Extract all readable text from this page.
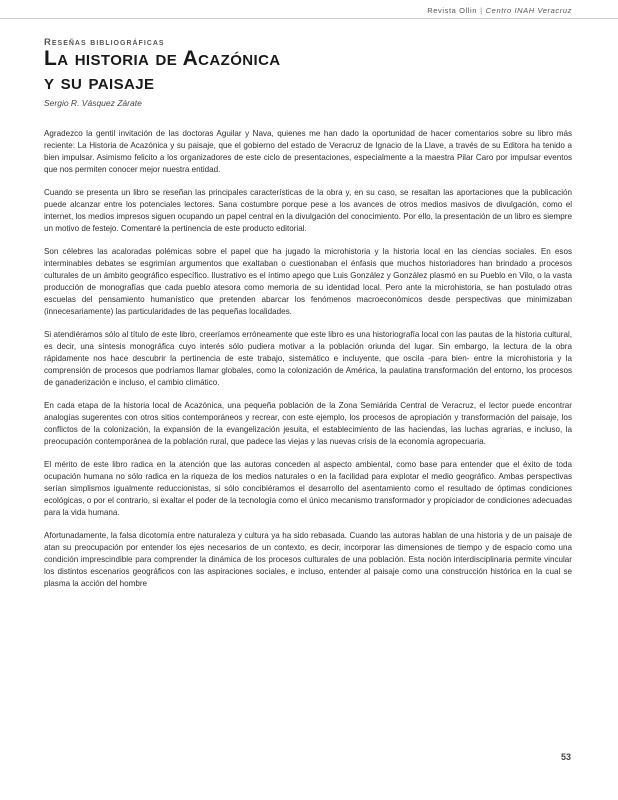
Revista Ollin | Centro INAH Veracruz
Reseñas bibliográficas
La historia de Acazónica
y su paisaje
Sergio R. Vásquez Zárate

Agradezco la gentil invitación de las doctoras Aguilar y Nava, quienes me han dado la oportunidad de hacer comentarios sobre su libro más reciente: La Historia de Acazónica y su paisaje, que el gobierno del estado de Veracruz de Ignacio de la Llave, a través de su Editora ha tenido a bien impulsar. Asimismo felicito a los organizadores de este ciclo de presentaciones, especialmente a la maestra Pilar Caro por impulsar eventos que nos permiten conocer mejor nuestra entidad.

Cuando se presenta un libro se reseñan las principales características de la obra y, en su caso, se resaltan las aportaciones que la publicación puede alcanzar entre los potenciales lectores. Sana costumbre porque pese a los avances de otros medios masivos de divulgación, como el internet, los medios impresos siguen ocupando un papel central en la divulgación del conocimiento. Por ello, la presentación de un libro es siempre un motivo de festejo. Comentaré la pertinencia de este producto editorial.

Son célebres las acaloradas polémicas sobre el papel que ha jugado la microhistoria y la historia local en las ciencias sociales. En esos interminables debates se esgrimían argumentos que exaltaban o cuestionaban el énfasis que muchos historiadores han brindado a procesos culturales de un ámbito geográfico específico. Ilustrativo es el íntimo apego que Luis González y González plasmó en su Pueblo en Vilo, o la vasta producción de monografías que cada pueblo atesora como memoria de su identidad local. Pero ante la microhistoria, se han postulado otras escuelas del pensamiento humanístico que pretenden abarcar los fenómenos macroeconómicos desde perspectivas que minimizaban (innecesariamente) las particularidades de las pequeñas localidades.

Si atendiéramos sólo al título de este libro, creeríamos erróneamente que este libro es una historiografía local con las pautas de la historia cultural, es decir, una síntesis monográfica cuyo interés sólo pudiera motivar a la población oriunda del lugar. Sin embargo, la lectura de la obra rápidamente nos hace descubrir la pertinencia de este trabajo, sistemático e incluyente, que oscila -para bien- entre la microhistoria y la comprensión de procesos que podríamos llamar globales, como la colonización de América, la paulatina transformación del entorno, los procesos de ganaderización e incluso, el cambio climático.

En cada etapa de la historia local de Acazónica, una pequeña población de la Zona Semiárida Central de Veracruz, el lector puede encontrar analogías sugerentes con otros sitios contemporáneos y recrear, con este ejemplo, los procesos de apropiación y transformación del paisaje, los conflictos de la colonización, la expansión de la evangelización jesuita, el establecimiento de las haciendas, las luchas agrarias, e incluso, la preocupación contemporánea de la población rural, que padece las viejas y las nuevas crisis de la economía agropecuaria.

El mérito de este libro radica en la atención que las autoras conceden al aspecto ambiental, como base para entender que el éxito de toda ocupación humana no sólo radica en la riqueza de los medios naturales o en la facilidad para explotar el medio geográfico. Ambas perspectivas serían simplismos igualmente reduccionistas, si sólo concibiéramos el desarrollo del asentamiento como el resultado de óptimas condiciones ecológicas, o por el contrario, si exaltar el poder de la tecnología como el único mecanismo transformador y propiciador de condiciones adecuadas para la vida humana.

Afortunadamente, la falsa dicotomía entre naturaleza y cultura ya ha sido rebasada. Cuando las autoras hablan de una historia y de un paisaje de atan su preocupación por entender los ejes necesarios de un contexto, es decir, incorporar las dimensiones de tiempo y de espacio como una condición imprescindible para comprender la dinámica de los procesos culturales de una población. Esta noción interdisciplinaria permite vincular los distintos escenarios geográficos con las aspiraciones sociales, e incluso, entender al paisaje como una construcción histórica en la cual se plasma la acción del hombre

53
